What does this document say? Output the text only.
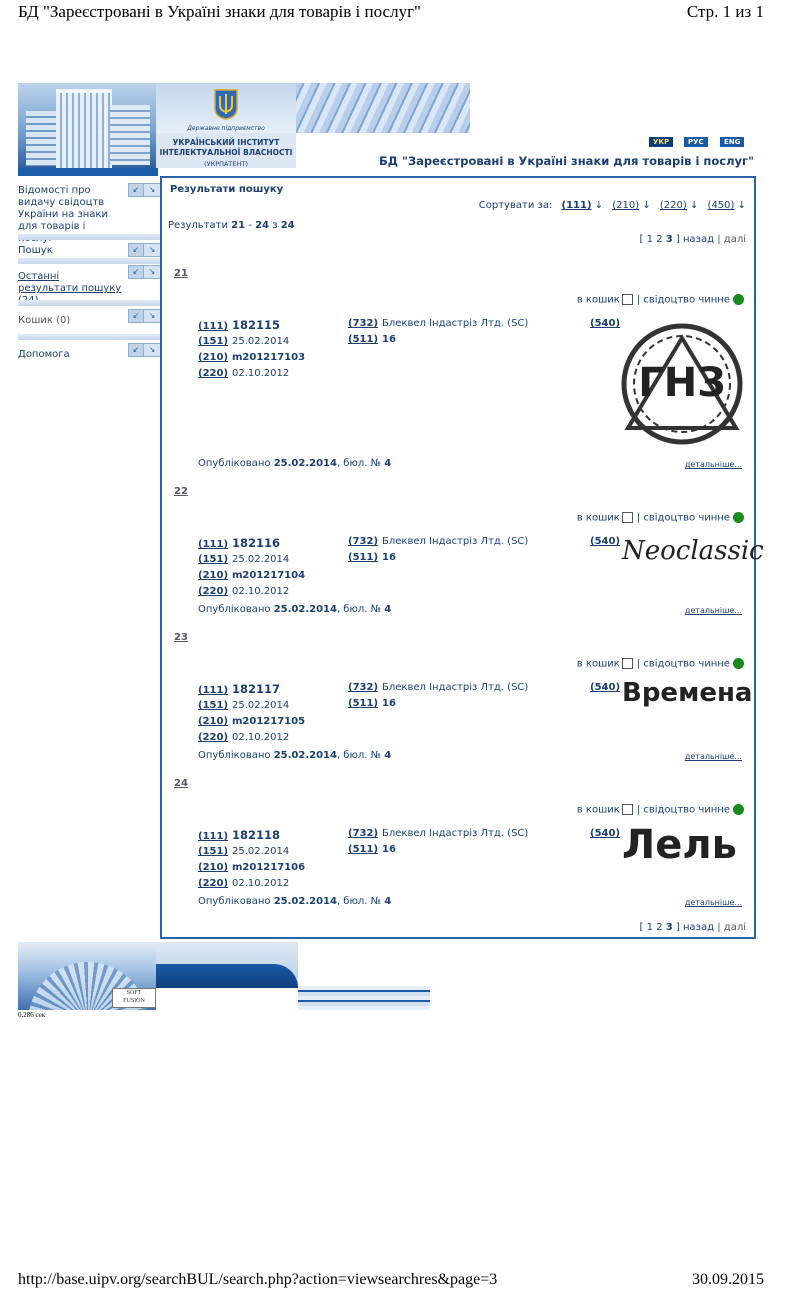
БД "Зареєстровані в Україні знаки для товарів і послуг"	Стр. 1 из 1
http://base.uipv.org/searchBUL/search.php?action=viewsearchres&page=3	30.09.2015
Державне підприємство
УКРАЇНСЬКИЙ ІНСТИТУТ
ІНТЕЛЕКТУАЛЬНОЇ ВЛАСНОСТІ
(УКРПАТЕНТ)
УКР	РУС	ENG
БД "Зареєстровані в Україні знаки для товарів і послуг"
Відомості про видачу свідоцтв України на знаки для товарів і
↙	↘
Пошук	↙	↘
Останні результати пошуку
↙	↘
Кошик (0)	↙	↘
Допомога	↙	↘
Результати пошуку
Сортувати за: (111) ↓ (210) ↓ (220) ↓ (450) ↓
Результати 21 - 24 з 24
[ 1 2 3 ] назад | далі
21
в кошик | свідоцтво чинне
(111) 182115
(151) 25.02.2014
(210) m201217103
(220) 02.10.2012
(732) Блеквел Індастріз Лтд. (SC)
(511) 16
(540)
ГНЗ
Опубліковано 25.02.2014, бюл. № 4	детальніше...
22
в кошик | свідоцтво чинне
(111) 182116
(151) 25.02.2014
(210) m201217104
(220) 02.10.2012
(732) Блеквел Індастріз Лтд. (SC)
(511) 16
(540) Neoclassic
Опубліковано 25.02.2014, бюл. № 4	детальніше...
23
в кошик | свідоцтво чинне
(111) 182117
(151) 25.02.2014
(210) m201217105
(220) 02.10.2012
(732) Блеквел Індастріз Лтд. (SC)
(511) 16
(540) Времена
Опубліковано 25.02.2014, бюл. № 4	детальніше...
24
в кошик | свідоцтво чинне
(111) 182118
(151) 25.02.2014
(210) m201217106
(220) 02.10.2012
(732) Блеквел Індастріз Лтд. (SC)
(511) 16
(540) Лель
Опубліковано 25.02.2014, бюл. № 4	детальніше...
[ 1 2 3 ] назад | далі
SOFT
FUSION
0.286 сек
